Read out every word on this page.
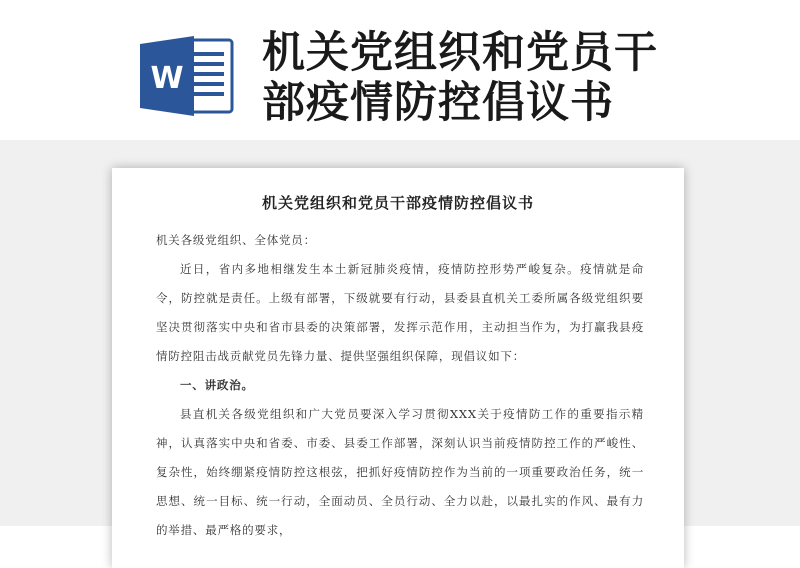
W
机关党组织和党员干
部疫情防控倡议书
机关党组织和党员干部疫情防控倡议书
机关各级党组织、全体党员：
近日，省内多地相继发生本土新冠肺炎疫情，疫情防控形势严峻复杂。疫情就是命令，防控就是责任。上级有部署，下级就要有行动，县委县直机关工委所属各级党组织要坚决贯彻落实中央和省市县委的决策部署，发挥示范作用，主动担当作为，为打赢我县疫情防控阻击战贡献党员先锋力量、提供坚强组织保障，现倡议如下：
一、讲政治。
县直机关各级党组织和广大党员要深入学习贯彻XXX关于疫情防工作的重要指示精神，认真落实中央和省委、市委、县委工作部署，深刻认识当前疫情防控工作的严峻性、复杂性，始终绷紧疫情防控这根弦，把抓好疫情防控作为当前的一项重要政治任务，统一思想、统一目标、统一行动，全面动员、全员行动、全力以赴，以最扎实的作风、最有力的举措、最严格的要求，
